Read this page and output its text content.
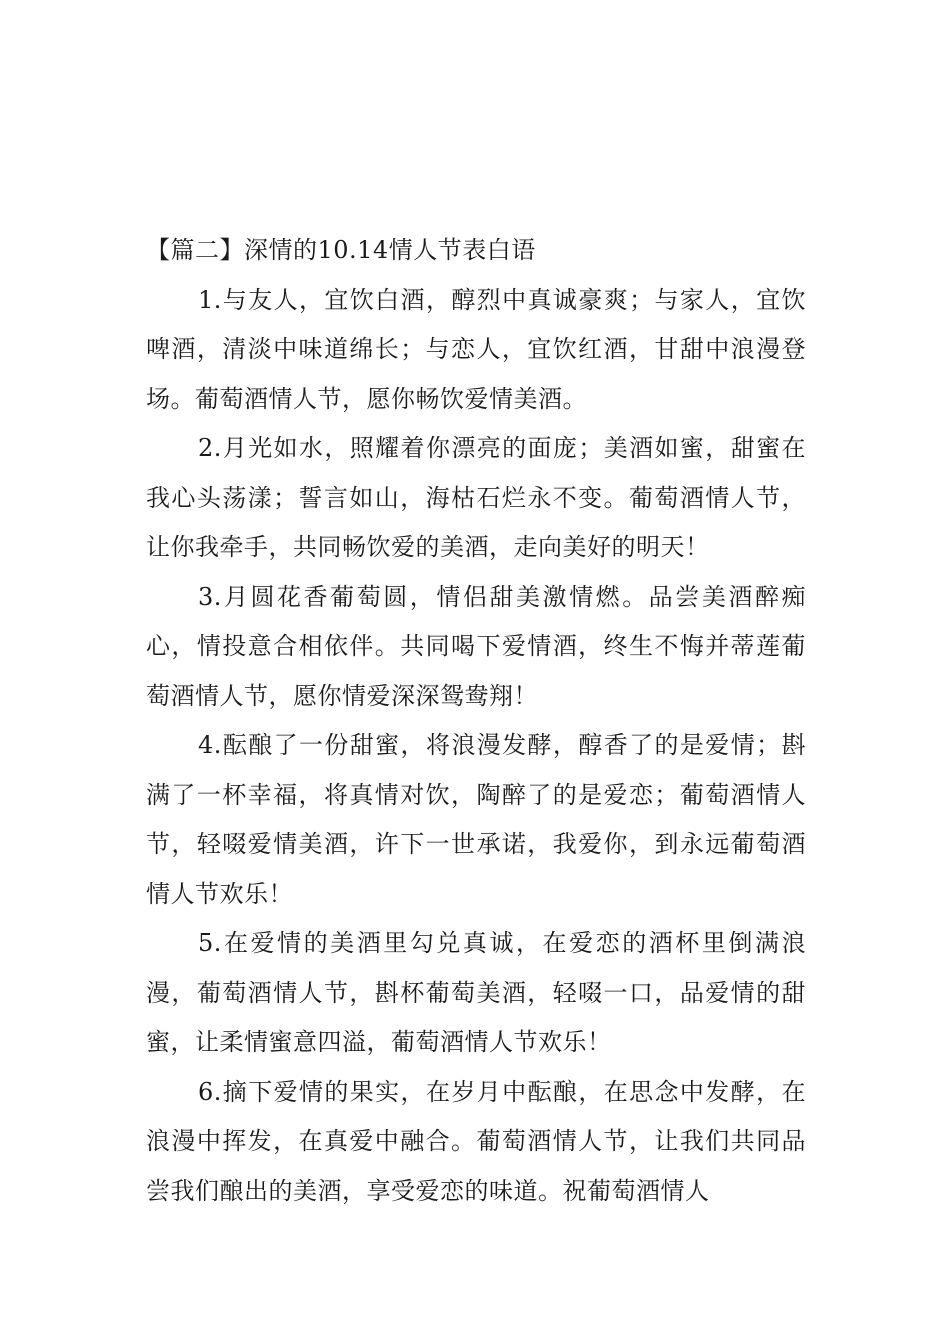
【篇二】深情的10.14情人节表白语

1.与友人，宜饮白酒，醇烈中真诚豪爽；与家人，宜饮啤酒，清淡中味道绵长；与恋人，宜饮红酒，甘甜中浪漫登场。葡萄酒情人节，愿你畅饮爱情美酒。

2.月光如水，照耀着你漂亮的面庞；美酒如蜜，甜蜜在我心头荡漾；誓言如山，海枯石烂永不变。葡萄酒情人节，让你我牵手，共同畅饮爱的美酒，走向美好的明天！

3.月圆花香葡萄圆，情侣甜美激情燃。品尝美酒醉痴心，情投意合相依伴。共同喝下爱情酒，终生不悔并蒂莲葡萄酒情人节，愿你情爱深深鸳鸯翔！

4.酝酿了一份甜蜜，将浪漫发酵，醇香了的是爱情；斟满了一杯幸福，将真情对饮，陶醉了的是爱恋；葡萄酒情人节，轻啜爱情美酒，许下一世承诺，我爱你，到永远葡萄酒情人节欢乐！

5.在爱情的美酒里勾兑真诚，在爱恋的酒杯里倒满浪漫，葡萄酒情人节，斟杯葡萄美酒，轻啜一口，品爱情的甜蜜，让柔情蜜意四溢，葡萄酒情人节欢乐！

6.摘下爱情的果实，在岁月中酝酿，在思念中发酵，在浪漫中挥发，在真爱中融合。葡萄酒情人节，让我们共同品尝我们酿出的美酒，享受爱恋的味道。祝葡萄酒情人
